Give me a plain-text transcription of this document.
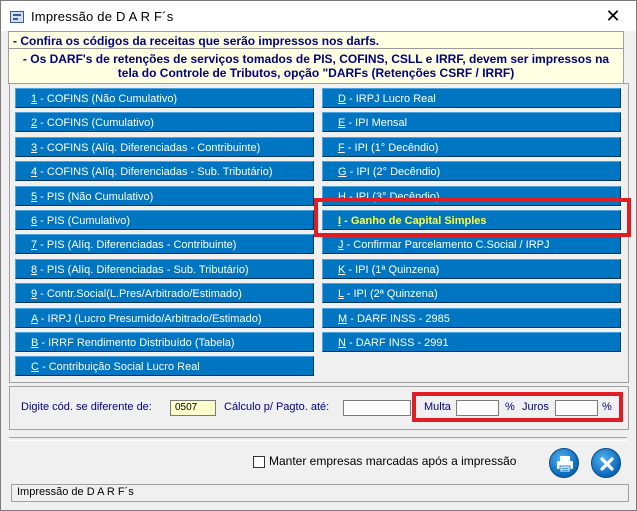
Impressão de D A R F´s	✕
- Confira os códigos da receitas que serão impressos nos darfs.
- Os DARF's de retenções de serviços tomados de PIS, COFINS, CSLL e IRRF, devem ser impressos na tela do Controle de Tributos, opção "DARFs (Retenções CSRF / IRRF)
Digite cód. se diferente de:	0507	Cálculo p/ Pagto. até:	Multa	% Juros	%
Manter empresas marcadas após a impressão
Impressão de D A R F´s
1 - COFINS (Não Cumulativo)
2 - COFINS (Cumulativo)
3 - COFINS (Alíq. Diferenciadas - Contribuinte)
4 - COFINS (Alíq. Diferenciadas - Sub. Tributário)
5 - PIS (Não Cumulativo)
6 - PIS (Cumulativo)
7 - PIS (Alíq. Diferenciadas - Contribuinte)
8 - PIS (Alíq. Diferenciadas - Sub. Tributário)
9 - Contr.Social(L.Pres/Arbitrado/Estimado)
A - IRPJ (Lucro Presumido/Arbitrado/Estimado)
B - IRRF Rendimento Distribuído (Tabela)
C - Contribuição Social Lucro Real
D - IRPJ Lucro Real
E - IPI Mensal
F - IPI (1° Decêndio)
G - IPI (2° Decêndio)
H - IPI (3° Decêndio)
I - Ganho de Capital Simples
J - Confirmar Parcelamento C.Social / IRPJ
K - IPI (1ª Quinzena)
L - IPI (2ª Quinzena)
M - DARF INSS - 2985
N - DARF INSS - 2991
